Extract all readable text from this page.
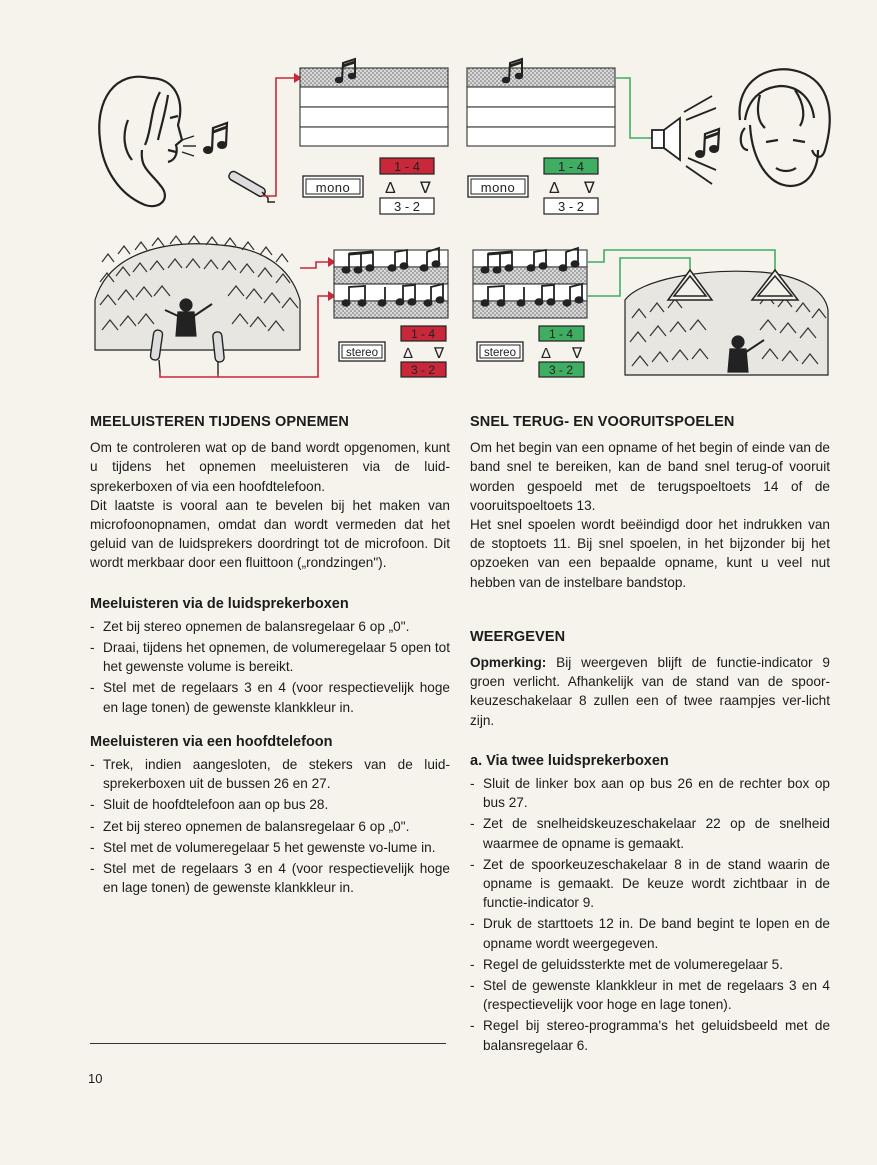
mono
1 - 4
Δ ∇
3 - 2
mono
1 - 4
Δ ∇
3 - 2
stereo
1 - 4
Δ ∇
3 - 2
stereo
1 - 4
Δ ∇
3 - 2
MEELUISTEREN TIJDENS OPNEMEN

Om te controleren wat op de band wordt opgenomen, kunt u tijdens het opnemen meeluisteren via de luid-sprekerboxen of via een hoofdtelefoon.

Dit laatste is vooral aan te bevelen bij het maken van microfoonopnamen, omdat dan wordt vermeden dat het geluid van de luidsprekers doordringt tot de microfoon. Dit wordt merkbaar door een fluittoon („rondzingen").

Meeluisteren via de luidsprekerboxen
- Zet bij stereo opnemen de balansregelaar 6 op „0".
- Draai, tijdens het opnemen, de volumeregelaar 5 open tot het gewenste volume is bereikt.
- Stel met de regelaars 3 en 4 (voor respectievelijk hoge en lage tonen) de gewenste klankkleur in.
Meeluisteren via een hoofdtelefoon
- Trek, indien aangesloten, de stekers van de luid-sprekerboxen uit de bussen 26 en 27.
- Sluit de hoofdtelefoon aan op bus 28.
- Zet bij stereo opnemen de balansregelaar 6 op „0".
- Stel met de volumeregelaar 5 het gewenste vo-lume in.
- Stel met de regelaars 3 en 4 (voor respectievelijk hoge en lage tonen) de gewenste klankkleur in.
SNEL TERUG- EN VOORUITSPOELEN

Om het begin van een opname of het begin of einde van de band snel te bereiken, kan de band snel terug-of vooruit worden gespoeld met de terugspoeltoets 14 of de vooruitspoeltoets 13.

Het snel spoelen wordt beëindigd door het indrukken van de stoptoets 11. Bij snel spoelen, in het bijzonder bij het opzoeken van een bepaalde opname, kunt u veel nut hebben van de instelbare bandstop.

WEERGEVEN

Opmerking: Bij weergeven blijft de functie-indicator 9 groen verlicht. Afhankelijk van de stand van de spoor-keuzeschakelaar 8 zullen een of twee raampjes ver-licht zijn.

a. Via twee luidsprekerboxen
- Sluit de linker box aan op bus 26 en de rechter box op bus 27.
- Zet de snelheidskeuzeschakelaar 22 op de snelheid waarmee de opname is gemaakt.
- Zet de spoorkeuzeschakelaar 8 in de stand waarin de opname is gemaakt. De keuze wordt zichtbaar in de functie-indicator 9.
- Druk de starttoets 12 in. De band begint te lopen en de opname wordt weergegeven.
- Regel de geluidssterkte met de volumeregelaar 5.
- Stel de gewenste klankkleur in met de regelaars 3 en 4 (respectievelijk voor hoge en lage tonen).
- Regel bij stereo-programma's het geluidsbeeld met de balansregelaar 6.
10
